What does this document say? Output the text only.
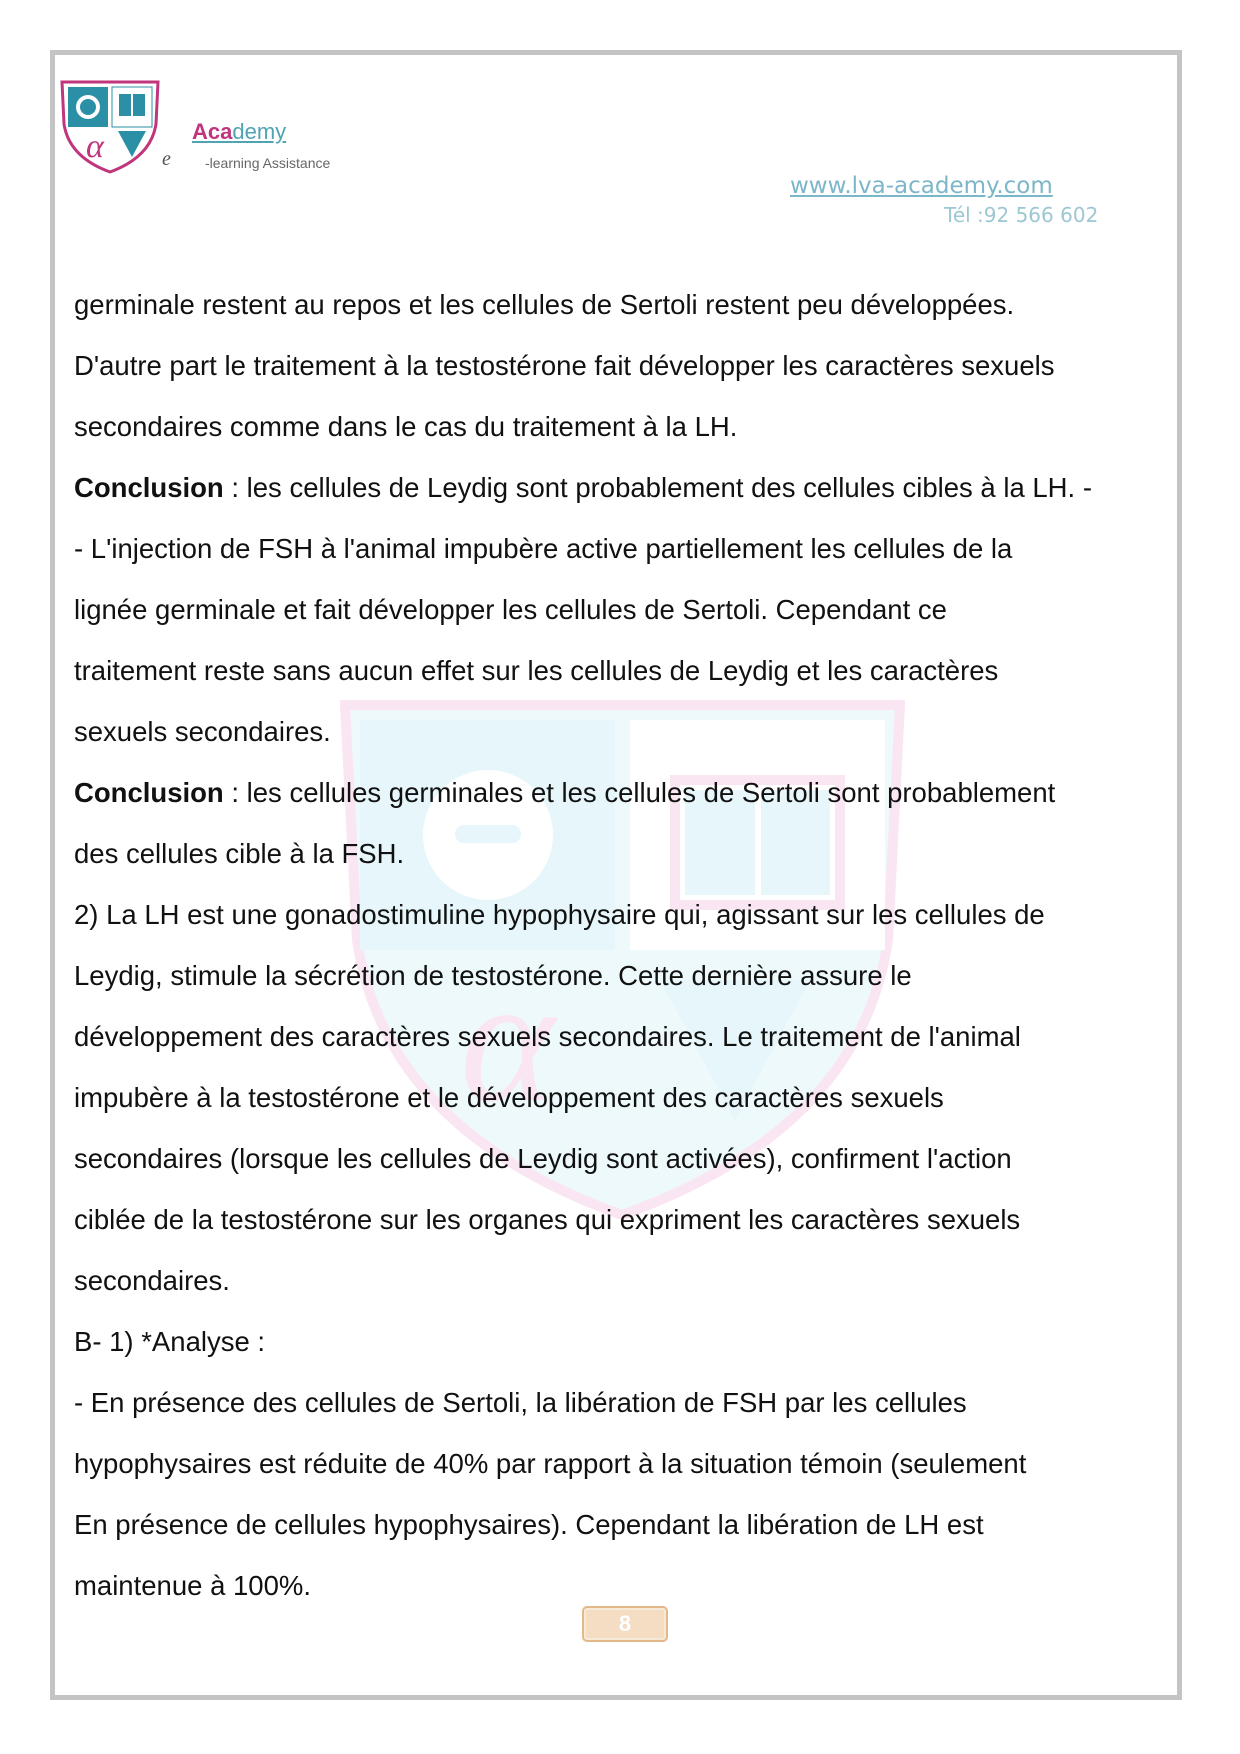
α	e
Academy
-learning Assistance
www.lva-academy.com
Tél :92 566 602
α
germinale restent au repos et les cellules de Sertoli restent peu développées.
D'autre part le traitement à la testostérone fait développer les caractères sexuels
secondaires comme dans le cas du traitement à la LH.
Conclusion : les cellules de Leydig sont probablement des cellules cibles à la LH. -
- L'injection de FSH à l'animal impubère active partiellement les cellules de la
lignée germinale et fait développer les cellules de Sertoli. Cependant ce
traitement reste sans aucun effet sur les cellules de Leydig et les caractères
sexuels secondaires.
Conclusion : les cellules germinales et les cellules de Sertoli sont probablement
des cellules cible à la FSH.
2) La LH est une gonadostimuline hypophysaire qui, agissant sur les cellules de
Leydig, stimule la sécrétion de testostérone. Cette dernière assure le
développement des caractères sexuels secondaires. Le traitement de l'animal
impubère à la testostérone et le développement des caractères sexuels
secondaires (lorsque les cellules de Leydig sont activées), confirment l'action
ciblée de la testostérone sur les organes qui expriment les caractères sexuels
secondaires.
B- 1) *Analyse :
- En présence des cellules de Sertoli, la libération de FSH par les cellules
hypophysaires est réduite de 40% par rapport à la situation témoin (seulement
En présence de cellules hypophysaires). Cependant la libération de LH est
maintenue à 100%.
8
